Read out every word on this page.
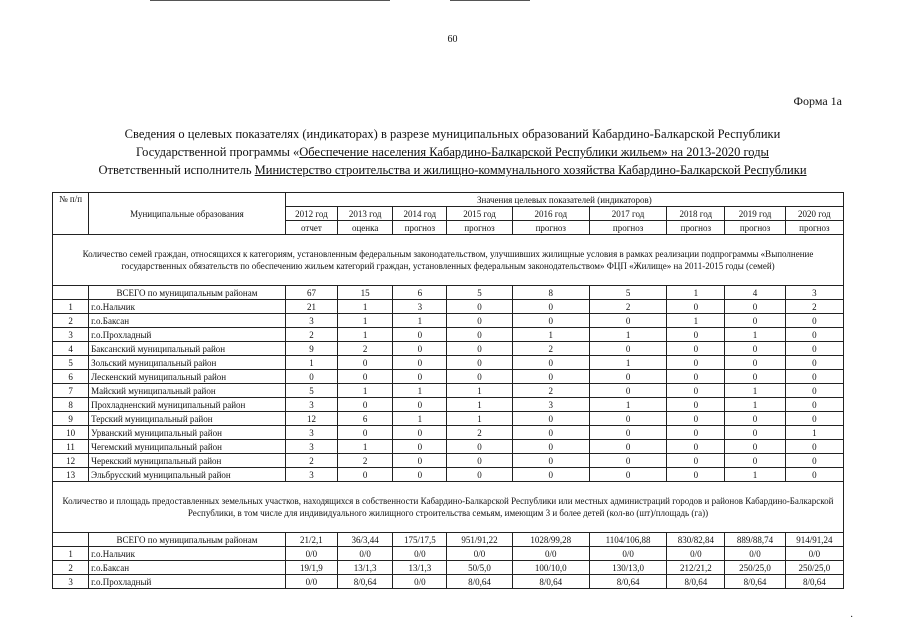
60
Форма 1а
Сведения о целевых показателях (индикаторах) в разрезе муниципальных образований Кабардино-Балкарской Республики
Государственной программы «Обеспечение населения Кабардино-Балкарской Республики жильем» на 2013-2020 годы
Ответственный исполнитель Министерство строительства и жилищно-коммунального хозяйства Кабардино-Балкарской Республики
№ п/п	Муниципальные образования	Значения целевых показателей (индикаторов)								
		2012 год	2013 год	2014 год	2015 год	2016 год	2017 год	2018 год	2019 год	2020 год
		отчет	оценка	прогноз	прогноз	прогноз	прогноз	прогноз	прогноз	прогноз
Количество семей граждан, относящихся к категориям, установленным федеральным законодательством, улучшивших жилищные условия в рамках реализации подпрограммы «Выполнение государственных обязательств по обеспечению жильем категорий граждан, установленных федеральным законодательством» ФЦП «Жилище» на 2011-2015 годы (семей)										
	ВСЕГО по муниципальным районам	67	15	6	5	8	5	1	4	3
1	г.о.Нальчик	21	1	3	0	0	2	0	0	2
2	г.о.Баксан	3	1	1	0	0	0	1	0	0
3	г.о.Прохладный	2	1	0	0	1	1	0	1	0
4	Баксанский муниципальный район	9	2	0	0	2	0	0	0	0
5	Зольский муниципальный район	1	0	0	0	0	1	0	0	0
6	Лескенский муниципальный район	0	0	0	0	0	0	0	0	0
7	Майский муниципальный район	5	1	1	1	2	0	0	1	0
8	Прохладненский муниципальный район	3	0	0	1	3	1	0	1	0
9	Терский муниципальный район	12	6	1	1	0	0	0	0	0
10	Урванский муниципальный район	3	0	0	2	0	0	0	0	1
11	Чегемский муниципальный район	3	1	0	0	0	0	0	0	0
12	Черекский муниципальный район	2	2	0	0	0	0	0	0	0
13	Эльбрусский муниципальный район	3	0	0	0	0	0	0	1	0
Количество и площадь предоставленных земельных участков, находящихся в собственности Кабардино-Балкарской Республики или местных администраций городов и районов Кабардино-Балкарской Республики, в том числе для индивидуального жилищного строительства семьям, имеющим 3 и более детей (кол-во (шт)/площадь (га))										
	ВСЕГО по муниципальным районам	21/2,1	36/3,44	175/17,5	951/91,22	1028/99,28	1104/106,88	830/82,84	889/88,74	914/91,24
1	г.о.Нальчик	0/0	0/0	0/0	0/0	0/0	0/0	0/0	0/0	0/0
2	г.о.Баксан	19/1,9	13/1,3	13/1,3	50/5,0	100/10,0	130/13,0	212/21,2	250/25,0	250/25,0
3	г.о.Прохладный	0/0	8/0,64	0/0	8/0,64	8/0,64	8/0,64	8/0,64	8/0,64	8/0,64
·
